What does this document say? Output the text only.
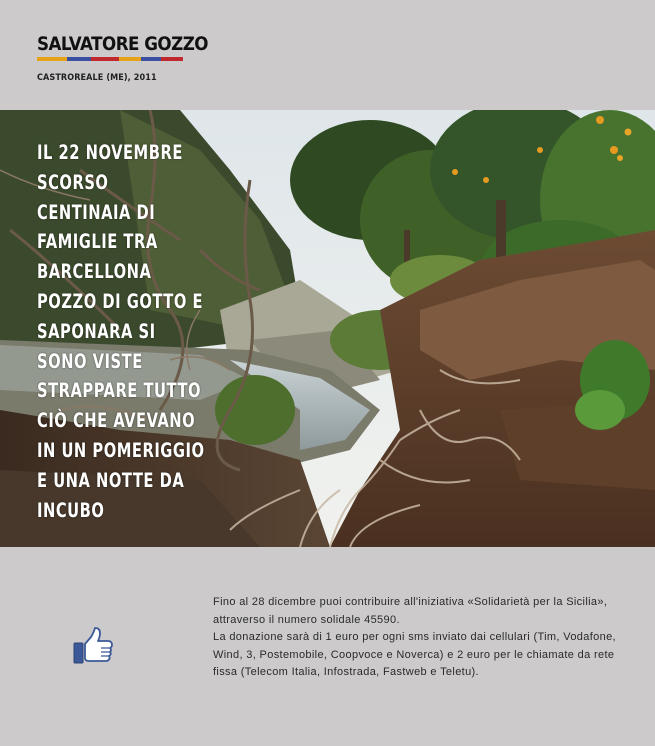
SALVATORE GOZZO
CASTROREALE (ME), 2011
IL 22 NOVEMBRE
SCORSO
CENTINAIA DI
FAMIGLIE TRA
BARCELLONA
POZZO DI GOTTO E
SAPONARA SI
SONO VISTE
STRAPPARE TUTTO
CIÒ CHE AVEVANO
IN UN POMERIGGIO
E UNA NOTTE DA
INCUBO

Fino al 28 dicembre puoi contribuire all'iniziativa «Solidarietà per la Sicilia», attraverso il numero solidale 45590.

La donazione sarà di 1 euro per ogni sms inviato dai cellulari (Tim, Vodafone, Wind, 3, Postemobile, Coopvoce e Noverca) e 2 euro per le chiamate da rete fissa (Telecom Italia, Infostrada, Fastweb e Teletu).
